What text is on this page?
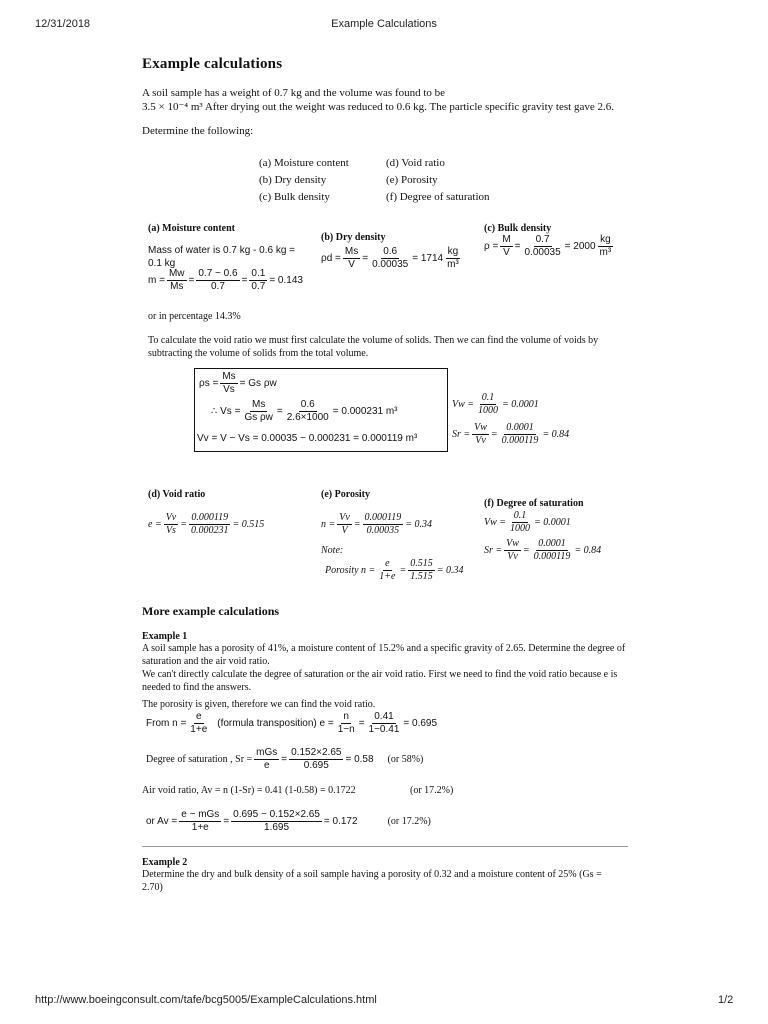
12/31/2018	Example Calculations
Example calculations
A soil sample has a weight of 0.7 kg and the volume was found to be
3.5 × 10⁻⁴ m³ After drying out the weight was reduced to 0.6 kg. The particle specific gravity test gave 2.6.
Determine the following:
(a) Moisture content
(b) Dry density
(c) Bulk density
(d) Void ratio
(e) Porosity
(f) Degree of saturation
(a) Moisture content
Mass of water is 0.7 kg - 0.6 kg = 0.1 kg
$m = \frac{Mw}{Ms} = \frac{0.7 - 0.6}{0.7} = \frac{0.1}{0.7} = 0.143$
or in percentage 14.3%
(b) Dry density
$\rho d = \frac{Ms}{V} = \frac{0.6}{0.00035} = 1714 \frac{kg}{\text{m³}}$
(c) Bulk density
$\rho = \frac{M}{V} = \frac{0.7}{0.00035} = 2000 \frac{kg}{\text{m³}}$
To calculate the void ratio we must first calculate the volume of solids. Then we can find the volume of voids by subtracting the volume of solids from the total volume.
$\rho s = \frac{Ms}{Vs} = Gs$ ρw
∴ $Vs = \frac{Ms}{\text{Gs ρw}} = \frac{0.6}{2.6\times 1000} = 0.000231$ m³
Vv = V − Vs = 0.00035 − 0.000231 = 0.000119 m³
$Vw = \frac{0.1}{1000} = 0.0001$
$Sr = \frac{Vw}{Vv} = \frac{0.0001}{0.000119} = 0.84$
(d) Void ratio
$e = \frac{Vv}{Vs} = \frac{0.000119}{0.000231} = 0.515$
(e) Porosity
$n = \frac{Vv}{V} = \frac{0.000119}{0.00035} = 0.34$
Note:
Porosity $n = \frac{e}{1+e} = \frac{0.515}{1.515} = 0.34$
(f) Degree of saturation
$Vw = \frac{0.1}{1000} = 0.0001$
$Sr = \frac{Vw}{Vv} = \frac{0.0001}{0.000119} = 0.84$
More example calculations
Example 1
A soil sample has a porosity of 41%, a moisture content of 15.2% and a specific gravity of 2.65. Determine the degree of saturation and the air void ratio.
We can't directly calculate the degree of saturation or the air void ratio. First we need to find the void ratio because e is needed to find the answers.
The porosity is given, therefore we can find the void ratio.
From $n = \frac{e}{1+e}$ (formula transposition) $e = \frac{n}{1-n} = \frac{0.41}{1-0.41} = 0.695$
Degree of saturation , $Sr = \frac{\text{mGs}}{e} = \frac{0.152\times 2.65}{0.695} = 0.58$ (or 58%)
Air void ratio, Av = n (1-Sr) = 0.41 (1-0.58) = 0.1722	(or 17.2%)
or $Av = \frac{\text{e − mGs}}{1+e} = \frac{0.695 - 0.152\times 2.65}{1.695} = 0.172$	(or 17.2%)
Example 2
Determine the dry and bulk density of a soil sample having a porosity of 0.32 and a moisture content of 25% (Gs = 2.70)
http://www.boeingconsult.com/tafe/bcg5005/ExampleCalculations.html	1/2
